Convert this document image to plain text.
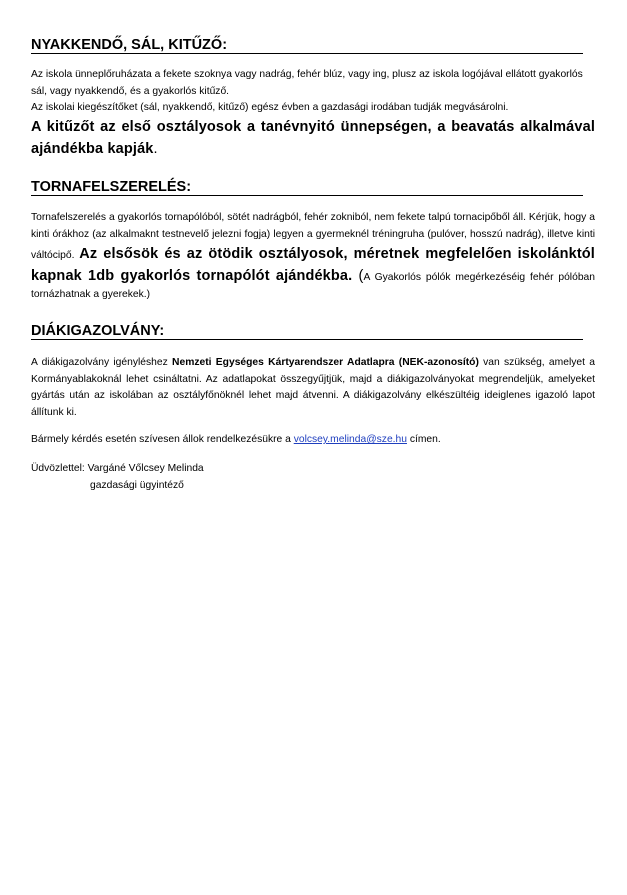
NYAKKENDŐ, SÁL, KITŰZŐ:
Az iskola ünneplőruházata a fekete szoknya vagy nadrág, fehér blúz, vagy ing, plusz az iskola logójával ellátott gyakorlós
sál, vagy nyakkendő, és a gyakorlós kitűző.
Az iskolai kiegészítőket (sál, nyakkendő, kitűző) egész évben a gazdasági irodában tudják megvásárolni.
A kitűzőt az első osztályosok a tanévnyitó ünnepségen, a beavatás alkalmával ajándékba kapják.
TORNAFELSZERELÉS:
Tornafelszerelés a gyakorlós tornapólóból, sötét nadrágból, fehér zokniból, nem fekete talpú tornacipőből áll. Kérjük, hogy a kinti órákhoz (az alkalmaknt testnevelő jelezni fogja) legyen a gyermeknél tréningruha (pulóver, hosszú nadrág), illetve kinti váltócipő. Az elsősök és az ötödik osztályosok, méretnek megfelelően iskolánktól kapnak 1db gyakorlós tornapólót ajándékba. (A Gyakorlós pólók megérkezéséig fehér pólóban tornázhatnak a gyerekek.)
DIÁKIGAZOLVÁNY:
A diákigazolvány igényléshez Nemzeti Egységes Kártyarendszer Adatlapra (NEK-azonosító) van szükség, amelyet a Kormányablakoknál lehet csináltatni. Az adatlapokat összegyűjtjük, majd a diákigazolványokat megrendeljük, amelyeket gyártás után az iskolában az osztályfőnöknél lehet majd átvenni. A diákigazolvány elkészültéig ideiglenes igazoló lapot állítunk ki.
Bármely kérdés esetén szívesen állok rendelkezésükre a volcsey.melinda@sze.hu címen.
Üdvözlettel: Vargáné Vőlcsey Melinda
gazdasági ügyintéző
